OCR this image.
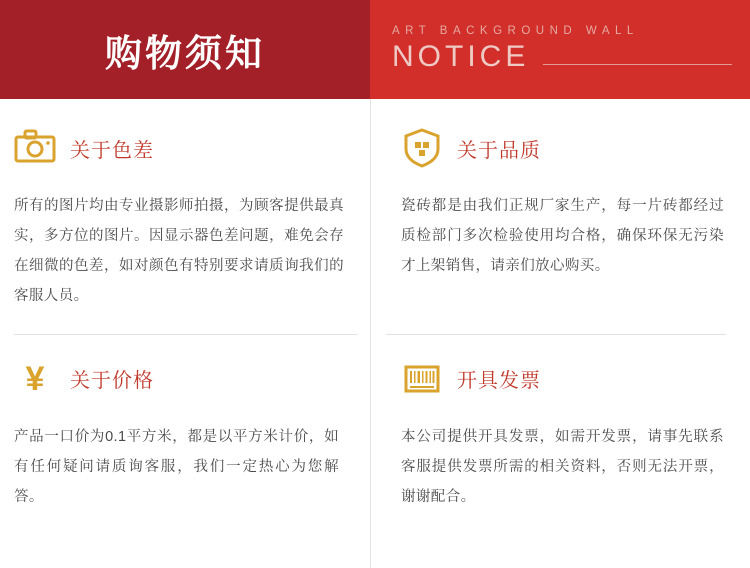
购物须知
ART BACKGROUND WALL
NOTICE
关于色差
所有的图片均由专业摄影师拍摄，为顾客提供最真实，多方位的图片。因显示器色差问题，难免会存在细微的色差，如对颜色有特别要求请质询我们的客服人员。
关于品质
瓷砖都是由我们正规厂家生产，每一片砖都经过质检部门多次检验使用均合格，确保环保无污染才上架销售，请亲们放心购买。
¥ 关于价格
产品一口价为0.1平方米，都是以平方米计价，如有任何疑问请质询客服，我们一定热心为您解答。
开具发票
本公司提供开具发票，如需开发票，请事先联系客服提供发票所需的相关资料，否则无法开票，谢谢配合。
